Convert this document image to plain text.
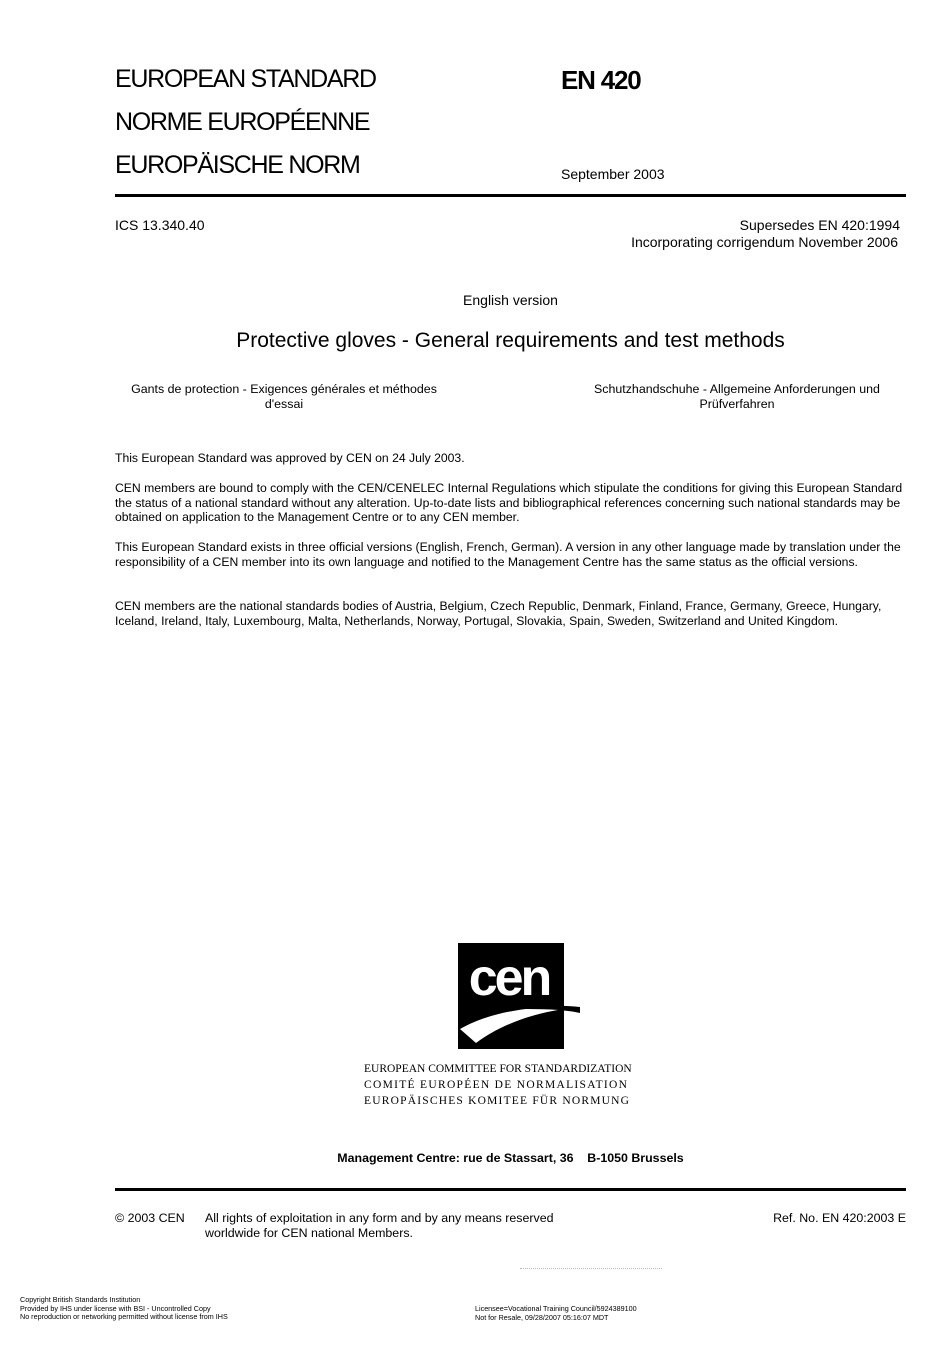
EUROPEAN STANDARD
NORME EUROPÉENNE
EUROPÄISCHE NORM
EN 420
September 2003
ICS 13.340.40	Supersedes EN 420:1994
Incorporating corrigendum November 2006
English version
Protective gloves - General requirements and test methods
Gants de protection - Exigences générales et méthodes
d'essai
Schutzhandschuhe - Allgemeine Anforderungen und
Prüfverfahren
This European Standard was approved by CEN on 24 July 2003.
CEN members are bound to comply with the CEN/CENELEC Internal Regulations which stipulate the conditions for giving this European Standard the status of a national standard without any alteration. Up-to-date lists and bibliographical references concerning such national standards may be obtained on application to the Management Centre or to any CEN member.
This European Standard exists in three official versions (English, French, German). A version in any other language made by translation under the responsibility of a CEN member into its own language and notified to the Management Centre has the same status as the official versions.
CEN members are the national standards bodies of Austria, Belgium, Czech Republic, Denmark, Finland, France, Germany, Greece, Hungary, Iceland, Ireland, Italy, Luxembourg, Malta, Netherlands, Norway, Portugal, Slovakia, Spain, Sweden, Switzerland and United Kingdom.
cen
EUROPEAN COMMITTEE FOR STANDARDIZATION
COMITÉ EUROPÉEN DE NORMALISATION
EUROPÄISCHES KOMITEE FÜR NORMUNG
Management Centre: rue de Stassart, 36    B-1050 Brussels
© 2003 CEN All rights of exploitation in any form and by any means reserved
worldwide for CEN national Members.
Ref. No. EN 420:2003 E
Copyright British Standards Institution
Provided by IHS under license with BSI - Uncontrolled Copy
No reproduction or networking permitted without license from IHS
Licensee=Vocational Training Council/5924389100
Not for Resale, 09/28/2007 05:16:07 MDT
